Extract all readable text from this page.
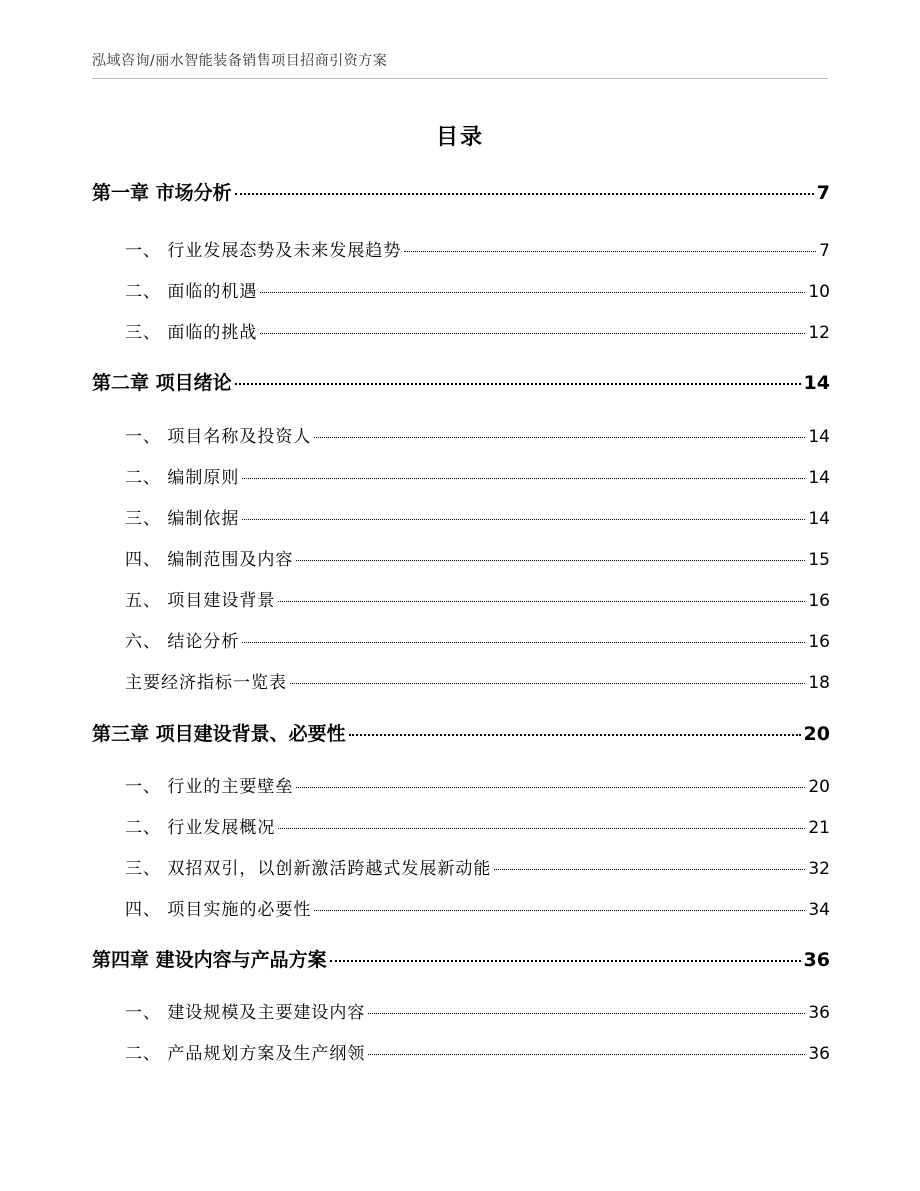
泓域咨询/丽水智能装备销售项目招商引资方案
目录
第一章 市场分析	7
一、 行业发展态势及未来发展趋势	7
二、 面临的机遇	10
三、 面临的挑战	12
第二章 项目绪论	14
一、 项目名称及投资人	14
二、 编制原则	14
三、 编制依据	14
四、 编制范围及内容	15
五、 项目建设背景	16
六、 结论分析	16
主要经济指标一览表	18
第三章 项目建设背景、必要性	20
一、 行业的主要壁垒	20
二、 行业发展概况	21
三、 双招双引，以创新激活跨越式发展新动能	32
四、 项目实施的必要性	34
第四章 建设内容与产品方案	36
一、 建设规模及主要建设内容	36
二、 产品规划方案及生产纲领	36
